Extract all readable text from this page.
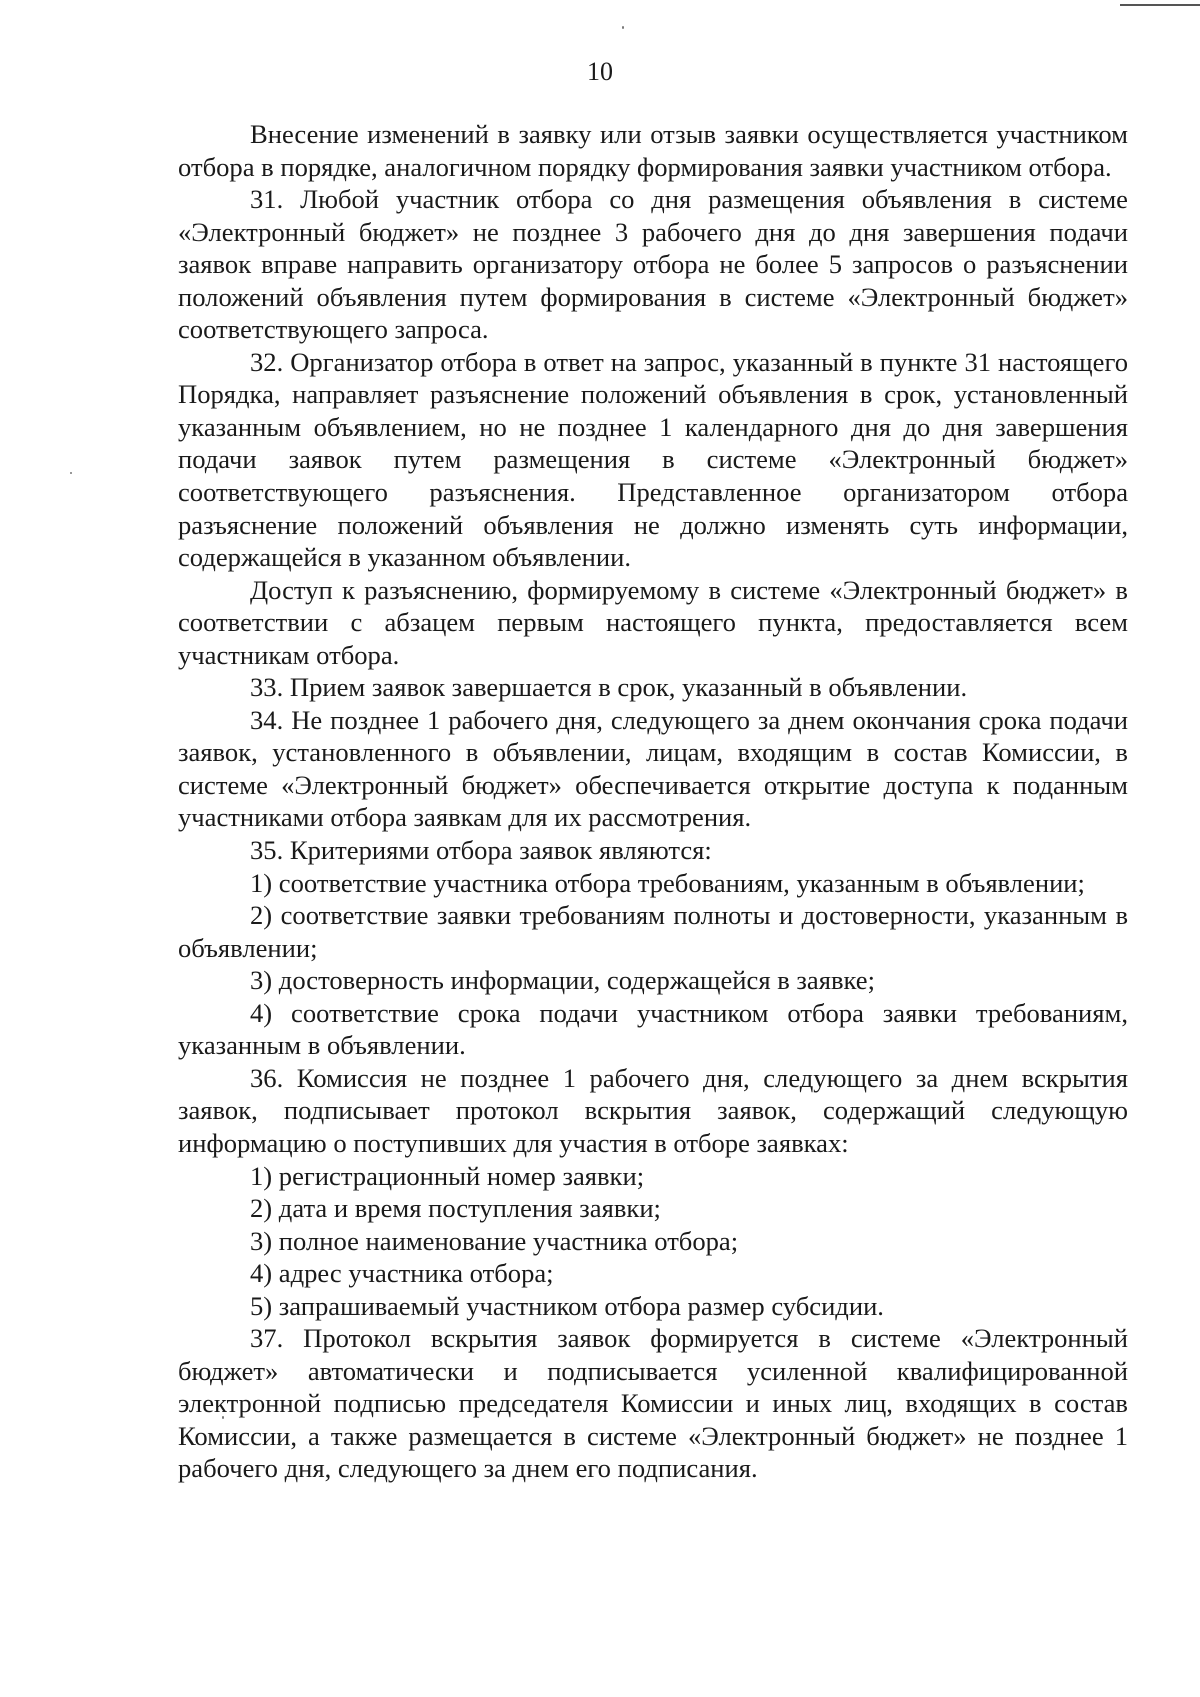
10

Внесение изменений в заявку или отзыв заявки осуществляется участником отбора в порядке, аналогичном порядку формирования заявки участником отбора.

31. Любой участник отбора со дня размещения объявления в системе «Электронный бюджет» не позднее 3 рабочего дня до дня завершения подачи заявок вправе направить организатору отбора не более 5 запросов о разъяснении положений объявления путем формирования в системе «Электронный бюджет» соответствующего запроса.

32. Организатор отбора в ответ на запрос, указанный в пункте 31 настоящего Порядка, направляет разъяснение положений объявления в срок, установленный указанным объявлением, но не позднее 1 календарного дня до дня завершения подачи заявок путем размещения в системе «Электронный бюджет» соответствующего разъяснения. Представленное организатором отбора разъяснение положений объявления не должно изменять суть информации, содержащейся в указанном объявлении.

Доступ к разъяснению, формируемому в системе «Электронный бюджет» в соответствии с абзацем первым настоящего пункта, предоставляется всем участникам отбора.

33. Прием заявок завершается в срок, указанный в объявлении.

34. Не позднее 1 рабочего дня, следующего за днем окончания срока подачи заявок, установленного в объявлении, лицам, входящим в состав Комиссии, в системе «Электронный бюджет» обеспечивается открытие доступа к поданным участниками отбора заявкам для их рассмотрения.

35. Критериями отбора заявок являются:

1) соответствие участника отбора требованиям, указанным в объявлении;

2) соответствие заявки требованиям полноты и достоверности, указанным в объявлении;

3) достоверность информации, содержащейся в заявке;

4) соответствие срока подачи участником отбора заявки требованиям, указанным в объявлении.

36. Комиссия не позднее 1 рабочего дня, следующего за днем вскрытия заявок, подписывает протокол вскрытия заявок, содержащий следующую информацию о поступивших для участия в отборе заявках:

1) регистрационный номер заявки;

2) дата и время поступления заявки;

3) полное наименование участника отбора;

4) адрес участника отбора;

5) запрашиваемый участником отбора размер субсидии.

37. Протокол вскрытия заявок формируется в системе «Электронный бюджет» автоматически и подписывается усиленной квалифицированной электронной подписью председателя Комиссии и иных лиц, входящих в состав Комиссии, а также размещается в системе «Электронный бюджет» не позднее 1 рабочего дня, следующего за днем его подписания.
